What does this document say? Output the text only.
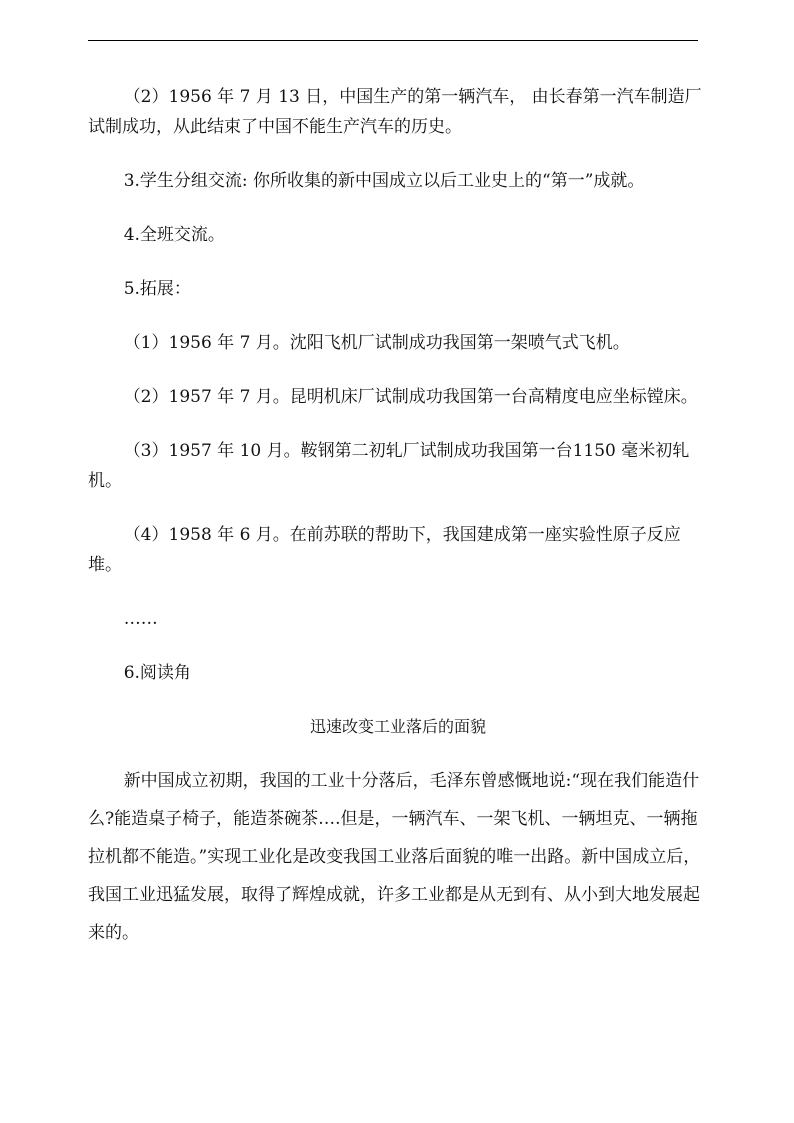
（2）1956 年 7 月 13 日，中国生产的第一辆汽车， 由长春第一汽车制造厂试制成功，从此结束了中国不能生产汽车的历史。

3.学生分组交流: 你所收集的新中国成立以后工业史上的“第一”成就。

4.全班交流。

5.拓展：

（1）1956 年 7 月。沈阳飞机厂试制成功我国第一架喷气式飞机。

（2）1957 年 7 月。昆明机床厂试制成功我国第一台高精度电应坐标镗床。

（3）1957 年 10 月。鞍钢第二初轧厂试制成功我国第一台1150 毫米初轧机。

（4）1958 年 6 月。在前苏联的帮助下，我国建成第一座实验性原子反应堆。

……

6.阅读角

迅速改变工业落后的面貌

新中国成立初期，我国的工业十分落后，毛泽东曾感慨地说:“现在我们能造什么?能造桌子椅子，能造茶碗茶….但是，一辆汽车、一架飞机、一辆坦克、一辆拖拉机都不能造。”实现工业化是改变我国工业落后面貌的唯一出路。新中国成立后，我国工业迅猛发展，取得了辉煌成就，许多工业都是从无到有、从小到大地发展起来的。
